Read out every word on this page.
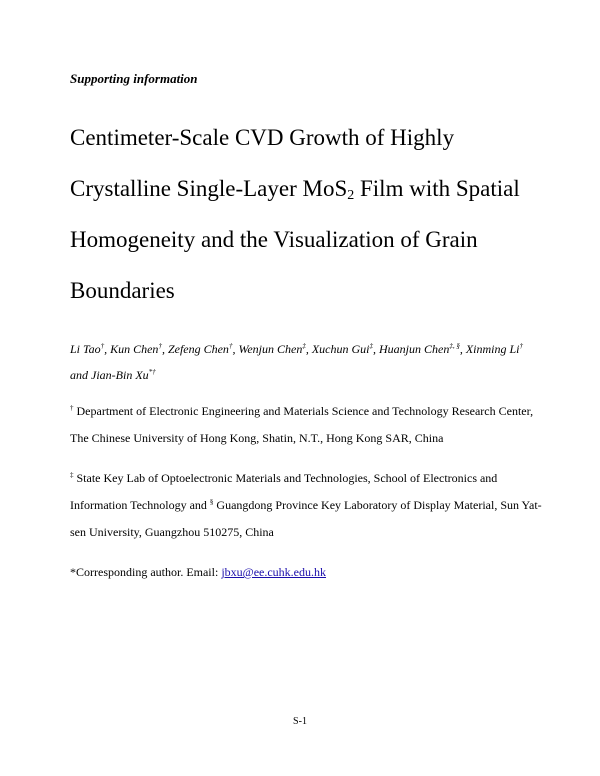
Supporting information
Centimeter-Scale CVD Growth of Highly
Crystalline Single-Layer MoS$_2$ Film with Spatial
Homogeneity and the Visualization of Grain
Boundaries
Li Tao†, Kun Chen†, Zefeng Chen†, Wenjun Chen‡, Xuchun Gui‡, Huanjun Chen‡, §, Xinming Li†
and Jian-Bin Xu*†
† Department of Electronic Engineering and Materials Science and Technology Research Center, The Chinese University of Hong Kong, Shatin, N.T., Hong Kong SAR, China
‡ State Key Lab of Optoelectronic Materials and Technologies, School of Electronics and Information Technology and § Guangdong Province Key Laboratory of Display Material, Sun Yat-sen University, Guangzhou 510275, China
*Corresponding author. Email: jbxu@ee.cuhk.edu.hk
S-1
